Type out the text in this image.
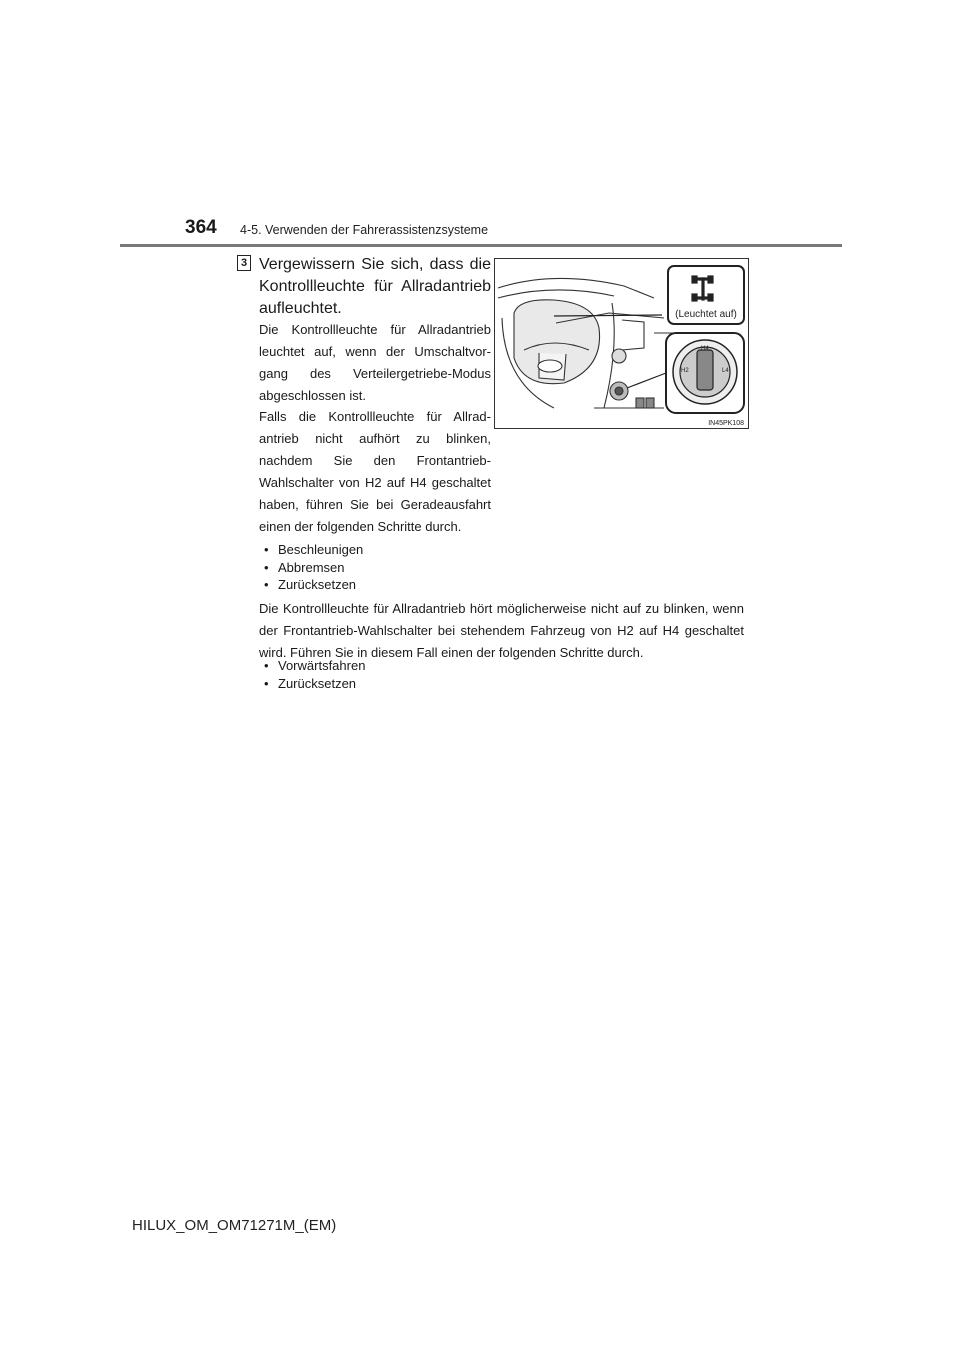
364 4-5. Verwenden der Fahrerassistenzsysteme
3 Vergewissern Sie sich, dass die Kontrollleuchte für Allradantrieb aufleuchtet.	(Leuchtet auf)
H2
H4
L4
IN45PK108
Die Kontrollleuchte für Allradantrieb leuchtet auf, wenn der Umschaltvor- gang des Verteilergetriebe-Modus abgeschlossen ist.
Falls die Kontrollleuchte für Allrad- antrieb nicht aufhört zu blinken, nachdem Sie den Frontantrieb- Wahlschalter von H2 auf H4 geschaltet haben, führen Sie bei Geradeausfahrt einen der folgenden Schritte durch.
• Beschleunigen
• Abbremsen
• Zurücksetzen
Die Kontrollleuchte für Allradantrieb hört möglicherweise nicht auf zu blinken, wenn der Frontantrieb-Wahlschalter bei stehendem Fahrzeug von H2 auf H4 geschaltet wird. Führen Sie in diesem Fall einen der folgenden Schritte durch.
• Vorwärtsfahren
• Zurücksetzen
HILUX_OM_OM71271M_(EM)
